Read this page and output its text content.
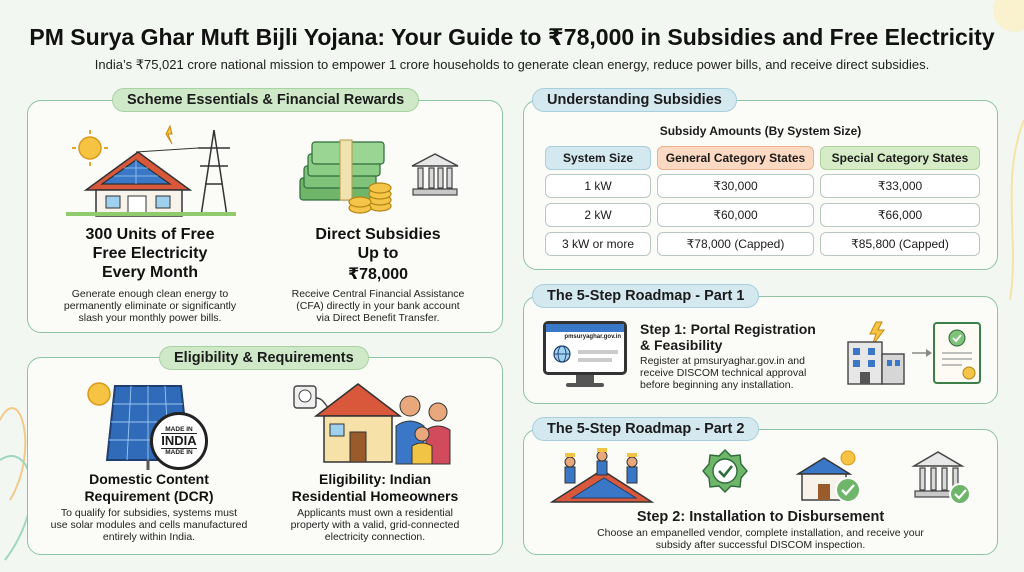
PM Surya Ghar Muft Bijli Yojana: Your Guide to ₹78,000 in Subsidies and Free Electricity
India’s ₹75,021 crore national mission to empower 1 crore households to generate clean energy, reduce power bills, and receive direct subsidies.
Scheme Essentials & Financial Rewards
300 Units of Free
Free Electricity
Every Month
Generate enough clean energy to
permanently eliminate or significantly
slash your monthly power bills.
Direct Subsidies
Up to
₹78,000
Receive Central Financial Assistance
(CFA) directly in your bank account
via Direct Benefit Transfer.
Eligibility & Requirements
MADE IN
INDIA
MADE IN
Domestic Content
Requirement (DCR)
To qualify for subsidies, systems must
use solar modules and cells manufactured
entirely within India.
Eligibility: Indian
Residential Homeowners
Applicants must own a residential
property with a valid, grid-connected
electricity connection.
Understanding Subsidies
Subsidy Amounts (By System Size)
System Size	General Category States	Special Category States
1 kW	₹30,000	₹33,000
2 kW	₹60,000	₹66,000
3 kW or more	₹78,000 (Capped)	₹85,800 (Capped)
The 5-Step Roadmap - Part 1
pmsuryaghar.gov.in Step 1: Portal Registration
& Feasibility
Register at pmsuryaghar.gov.in and
receive DISCOM technical approval
before beginning any installation.
The 5-Step Roadmap - Part 2
Step 2: Installation to Disbursement
Choose an empanelled vendor, complete installation, and receive your
subsidy after successful DISCOM inspection.
